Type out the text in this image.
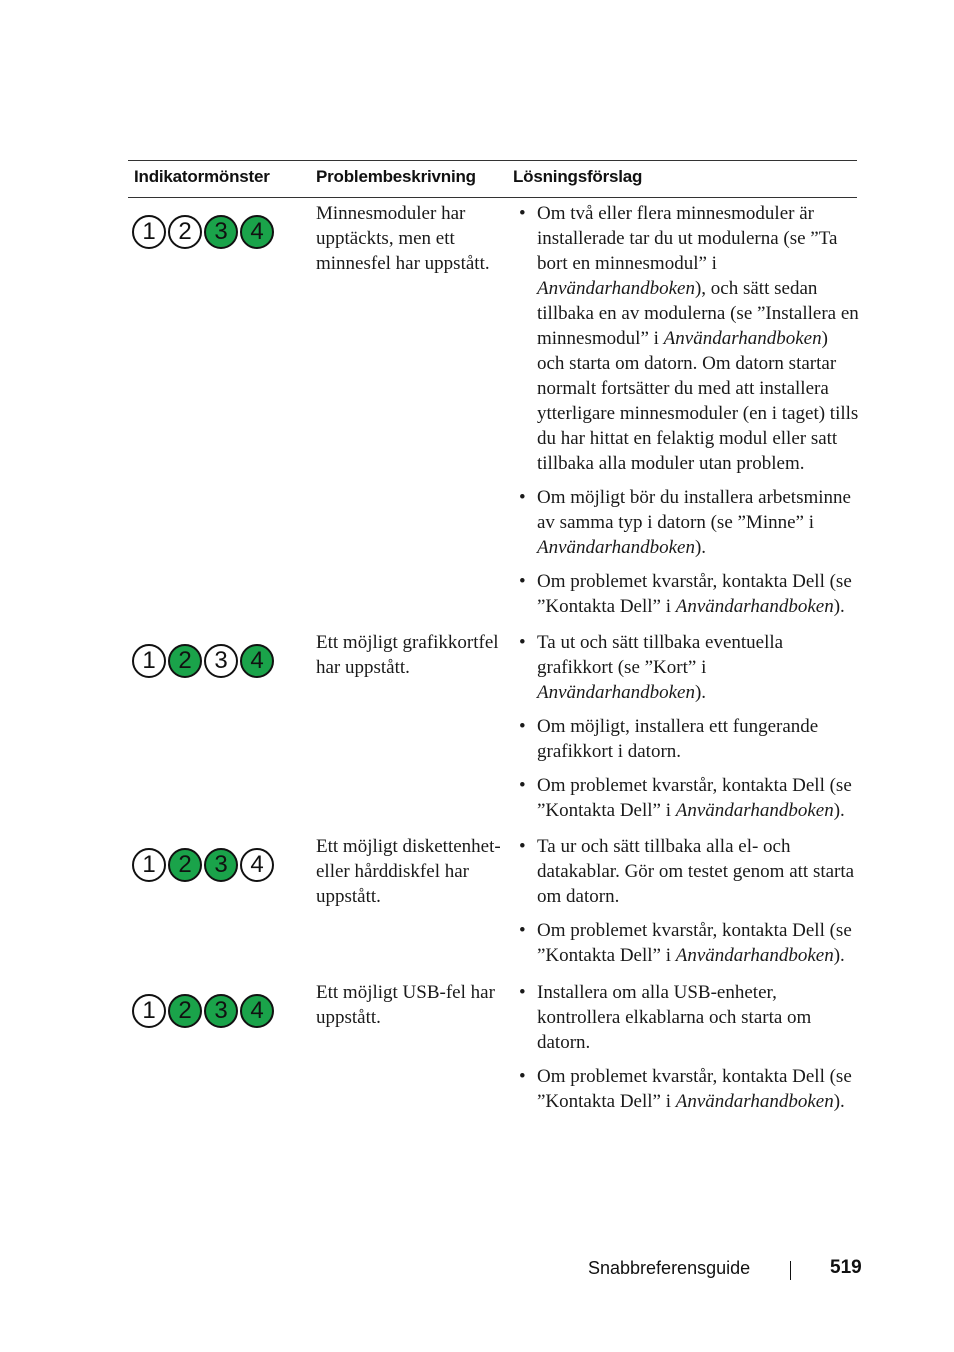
Indikatormönster	Problembeskrivning Lösningsförslag
1 2 3 4
Minnesmoduler har upptäckts, men ett minnesfel har uppstått.
• Om två eller flera minnesmoduler är installerade tar du ut modulerna (se ”Ta bort en minnesmodul” i Användarhandboken), och sätt sedan tillbaka en av modulerna (se ”Installera en minnesmodul” i Användarhandboken) och starta om datorn. Om datorn startar normalt fortsätter du med att installera ytterligare minnesmoduler (en i taget) tills du har hittat en felaktig modul eller satt tillbaka alla moduler utan problem.
• Om möjligt bör du installera arbetsminne av samma typ i datorn (se ”Minne” i Användarhandboken).
• Om problemet kvarstår, kontakta Dell (se ”Kontakta Dell” i Användarhandboken).
1 2 3 4
Ett möjligt grafikkortfel har uppstått.
• Ta ut och sätt tillbaka eventuella grafikkort (se ”Kort” i Användarhandboken).
• Om möjligt, installera ett fungerande grafikkort i datorn.
• Om problemet kvarstår, kontakta Dell (se ”Kontakta Dell” i Användarhandboken).
1 2 3 4
Ett möjligt diskettenhet- eller hårddiskfel har uppstått.
• Ta ur och sätt tillbaka alla el- och datakablar. Gör om testet genom att starta om datorn.
• Om problemet kvarstår, kontakta Dell (se ”Kontakta Dell” i Användarhandboken).
1 2 3 4
Ett möjligt USB-fel har uppstått.
• Installera om alla USB-enheter, kontrollera elkablarna och starta om datorn.
• Om problemet kvarstår, kontakta Dell (se ”Kontakta Dell” i Användarhandboken).
Snabbreferensguide	519
